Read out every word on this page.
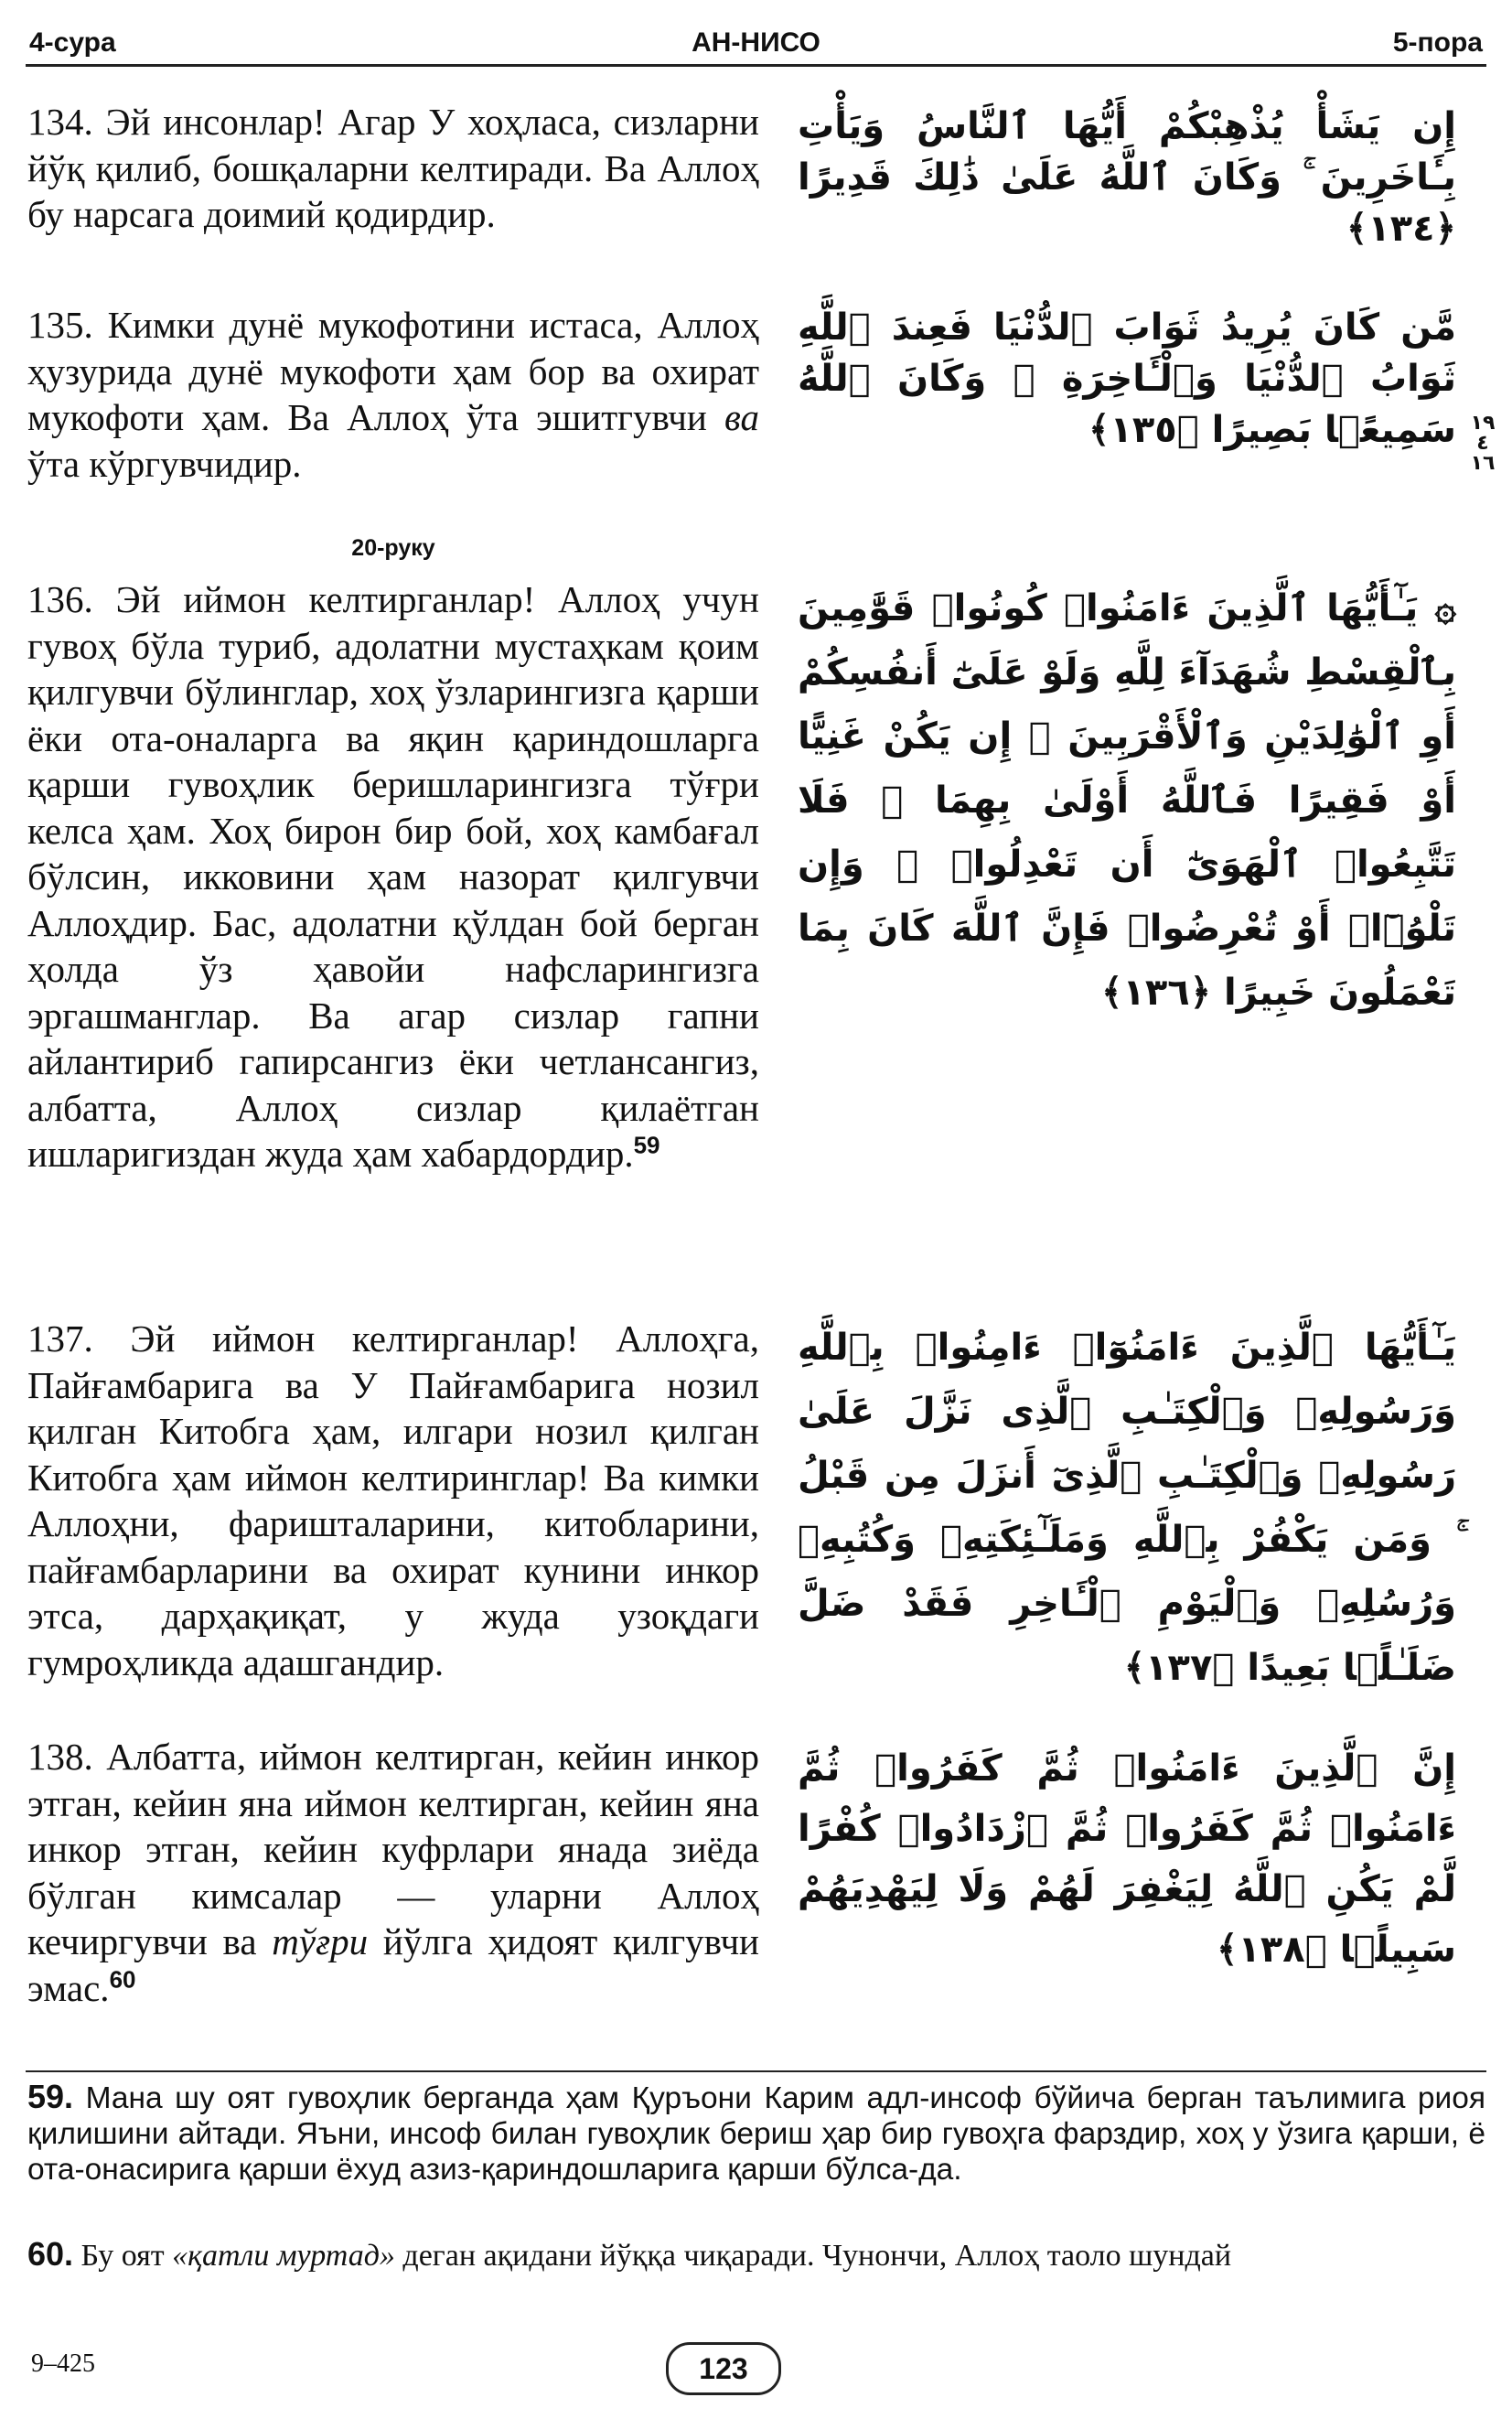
4-сура	АН-НИСО	5-пора
134. Эй инсонлар! Агар У хоҳласа, сизларни йўқ қилиб, бошқаларни келтиради. Ва Аллоҳ бу нарсага доимий қодирдир.
إِن يَشَأْ يُذْهِبْكُمْ أَيُّهَا ٱلنَّاسُ وَيَأْتِ بِـَٔاخَرِينَ ۚ وَكَانَ ٱللَّهُ عَلَىٰ ذَٰلِكَ قَدِيرًا ﴿١٣٤﴾
135. Кимки дунё мукофотини истаса, Аллоҳ ҳузурида дунё мукофоти ҳам бор ва охират мукофоти ҳам. Ва Аллоҳ ўта эшитгувчи ва ўта кўргувчидир.
مَّن كَانَ يُرِيدُ ثَوَابَ ٱلدُّنْيَا فَعِندَ ٱللَّهِ ثَوَابُ ٱلدُّنْيَا وَٱلْـَٔاخِرَةِ ۚ وَكَانَ ٱللَّهُ سَمِيعًۢا بَصِيرًا ﴿١٣٥﴾ ١٩
٤
١٦
20-руку
136. Эй иймон келтирганлар! Аллоҳ учун гувоҳ бўла туриб, адолатни мустаҳкам қоим қилгувчи бўлинглар, хоҳ ўзларингизга қарши ёки ота-оналарга ва яқин қариндошларга қарши гувоҳлик беришларингизга тўғри келса ҳам. Хоҳ бирон бир бой, хоҳ камбағал бўлсин, икковини ҳам назорат қилгувчи Аллоҳдир. Бас, адолатни қўлдан бой берган ҳолда ўз ҳавойи нафсларингизга эргашманглар. Ва агар сизлар гапни айлантириб гапирсангиз ёки четлансангиз, албатта, Аллоҳ сизлар қилаётган ишларигиздан жуда ҳам хабардордир.$^{59}$
۞ يَـٰٓأَيُّهَا ٱلَّذِينَ ءَامَنُوا۟ كُونُوا۟ قَوَّٰمِينَ بِٱلْقِسْطِ شُهَدَآءَ لِلَّهِ وَلَوْ عَلَىٰٓ أَنفُسِكُمْ أَوِ ٱلْوَٰلِدَيْنِ وَٱلْأَقْرَبِينَ ۚ إِن يَكُنْ غَنِيًّا أَوْ فَقِيرًا فَٱللَّهُ أَوْلَىٰ بِهِمَا ۖ فَلَا تَتَّبِعُوا۟ ٱلْهَوَىٰٓ أَن تَعْدِلُوا۟ ۚ وَإِن تَلْوُۥٓا۟ أَوْ تُعْرِضُوا۟ فَإِنَّ ٱللَّهَ كَانَ بِمَا تَعْمَلُونَ خَبِيرًا ﴿١٣٦﴾
137. Эй иймон келтирганлар! Аллоҳга, Пайғамбарига ва У Пайғамбарига нозил қилган Китобга ҳам, илгари нозил қилган Китобга ҳам иймон келтиринглар! Ва кимки Аллоҳни, фаришталарини, китобларини, пайғамбарларини ва охират кунини инкор этса, дарҳақиқат, у жуда узоқдаги гумроҳликда адашгандир.
يَـٰٓأَيُّهَا ٱلَّذِينَ ءَامَنُوٓا۟ ءَامِنُوا۟ بِٱللَّهِ وَرَسُولِهِۦ وَٱلْكِتَـٰبِ ٱلَّذِى نَزَّلَ عَلَىٰ رَسُولِهِۦ وَٱلْكِتَـٰبِ ٱلَّذِىٓ أَنزَلَ مِن قَبْلُ ۚ وَمَن يَكْفُرْ بِٱللَّهِ وَمَلَـٰٓئِكَتِهِۦ وَكُتُبِهِۦ وَرُسُلِهِۦ وَٱلْيَوْمِ ٱلْـَٔاخِرِ فَقَدْ ضَلَّ ضَلَـٰلًۢا بَعِيدًا ﴿١٣٧﴾
138. Албатта, иймон келтирган, кейин инкор этган, кейин яна иймон келтирган, кейин яна инкор этган, кейин куфрлари янада зиёда бўлган кимсалар — уларни Аллоҳ кечиргувчи ва тўғри йўлга ҳидоят қилгувчи эмас.$^{60}$
إِنَّ ٱلَّذِينَ ءَامَنُوا۟ ثُمَّ كَفَرُوا۟ ثُمَّ ءَامَنُوا۟ ثُمَّ كَفَرُوا۟ ثُمَّ ٱزْدَادُوا۟ كُفْرًا لَّمْ يَكُنِ ٱللَّهُ لِيَغْفِرَ لَهُمْ وَلَا لِيَهْدِيَهُمْ سَبِيلًۢا ﴿١٣٨﴾
59. Мана шу оят гувоҳлик берганда ҳам Қуръони Карим адл-инсоф бўйича берган таълимига риоя қилишини айтади. Яъни, инсоф билан гувоҳлик бериш ҳар бир гувоҳга фарздир, хоҳ у ўзига қарши, ё ота-онасирига қарши ёхуд азиз-қариндошларига қарши бўлса-да.
60. Бу оят «қатли муртад» деган ақидани йўққа чиқаради. Чунончи, Аллоҳ таоло шундай
9–425	123
